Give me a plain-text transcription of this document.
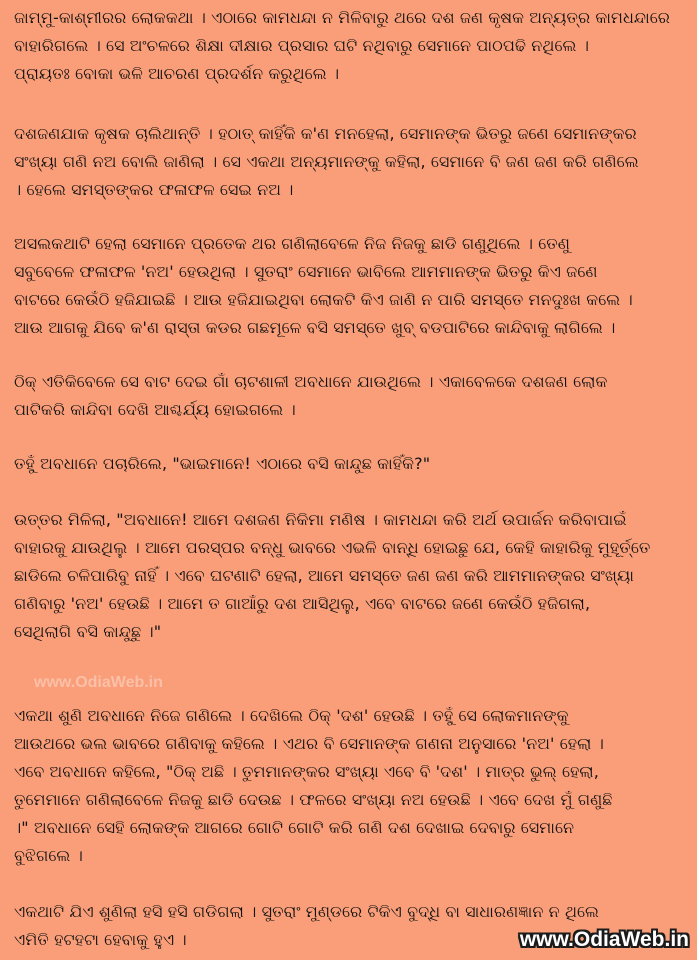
ଜାମ୍ମୁ-କାଶ୍ମୀରର ଲୋକକଥା । ଏଠାରେ କାମଧନ୍ଦା ନ ମିଳିବାରୁ ଥରେ ଦଶ ଜଣ କୃଷକ ଅନ୍ୟତ୍ର କାମଧନ୍ଦାରେ
ବାହାରିଗଲେ । ସେ ଅଂଚଳରେ ଶିକ୍ଷା ଦୀକ୍ଷାର ପ୍ରସାର ଘଟି ନଥିବାରୁ ସେମାନେ ପାଠପଢି ନଥିଲେ ।
ପ୍ରାୟତଃ ବୋକା ଭଳି ଆଚରଣ ପ୍ରଦର୍ଶନ କରୁଥିଲେ ।
ଦଶଜଣଯାକ କୃଷକ ଚାଲିଥାନ୍ତି । ହଠାତ୍ କାହିଁକି କ'ଣ ମନହେଲା, ସେମାନଙ୍କ ଭିତରୁ ଜଣେ ସେମାନଙ୍କର
ସଂଖ୍ୟା ଗଣି ନଅ ବୋଲି ଜାଣିଲା । ସେ ଏକଥା ଅନ୍ୟମାନଙ୍କୁ କହିଲା, ସେମାନେ ବି ଜଣ ଜଣ କରି ଗଣିଲେ
। ହେଲେ ସମସ୍ତଙ୍କର ଫଳାଫଳ ସେଇ ନଅ ।
ଅସଲକଥାଟି ହେଲା ସେମାନେ ପ୍ରତେକ ଥର ଗଣିଲାବେଳେ ନିଜ ନିଜକୁ ଛାଡି ଗଣୁଥିଲେ । ତେଣୁ
ସବୁବେଳେ ଫଳାଫଳ 'ନଅ' ହେଉଥିଲା । ସୁତରାଂ ସେମାନେ ଭାବିଲେ ଆମମାନଙ୍କ ଭିତରୁ କିଏ ଜଣେ
ବାଟରେ କେଉଁଠି ହଜିଯାଇଛି । ଆଉ ହଜିଯାଇଥିବା ଲୋକଟି କିଏ ଜାଣି ନ ପାରି ସମସ୍ତେ ମନଦୁଃଖ କଲେ ।
ଆଉ ଆଗକୁ ଯିବେ କ'ଣ ରାସ୍ତା କଡର ଗଛମୂଳେ ବସି ସମସ୍ତେ ଖୁବ୍ ବଡପାଟିରେ କାନ୍ଦିବାକୁ ଲାଗିଲେ ।
ଠିକ୍ ଏତିକିବେଳେ ସେ ବାଟ ଦେଇ ଗାଁ ଚାଟଶାଳୀ ଅବଧାନେ ଯାଉଥିଲେ । ଏକାବେଳକେ ଦଶଜଣ ଲୋକ
ପାଟିକରି କାନ୍ଦିବା ଦେଖି ଆଶ୍ଚର୍ଯ୍ୟ ହୋଇଗଲେ ।
ତହୁଁ ଅବଧାନେ ପଚାରିଲେ, "ଭାଇମାନେ! ଏଠାରେ ବସି କାନ୍ଦୁଛ କାହିଁକି?"
ଉତ୍ତର ମିଳିଲା, "ଅବଧାନେ! ଆମେ ଦଶଜଣ ନିକିମା ମଣିଷ । କାମଧନ୍ଦା କରି ଅର୍ଥ ଉପାର୍ଜନ କରିବାପାଇଁ
ବାହାରକୁ ଯାଉଥିଲୁ । ଆମେ ପରସ୍ପର ବନ୍ଧୁ ଭାବରେ ଏଭଳି ବାନ୍ଧି ହୋଇଛୁ ଯେ, କେହି କାହାରିକୁ ମୁହୂର୍ତ୍ତେ
ଛାଡିଲେ ଚଳିପାରିବୁ ନାହିଁ । ଏବେ ଘଟଣାଟି ହେଲା, ଆମେ ସମସ୍ତେ ଜଣ ଜଣ କରି ଆମମାନଙ୍କର ସଂଖ୍ୟା
ଗଣିବାରୁ 'ନଅ' ହେଉଛି । ଆମେ ତ ଗାଆଁରୁ ଦଶ ଆସିଥିଲୁ, ଏବେ ବାଟରେ ଜଣେ କେଉଁଠି ହଜିଗଲା,
ସେଥିଲାଗି ବସି କାନ୍ଦୁଛୁ ।"
ଏକଥା ଶୁଣି ଅବଧାନେ ନିଜେ ଗଣିଲେ । ଦେଖିଲେ ଠିକ୍ 'ଦଶ' ହେଉଛି । ତହୁଁ ସେ ଲୋକମାନଙ୍କୁ
ଆଉଥରେ ଭଲ ଭାବରେ ଗଣିବାକୁ କହିଲେ । ଏଥର ବି ସେମାନଙ୍କ ଗଣନା ଅନୁସାରେ 'ନଅ' ହେଲା ।
ଏବେ ଅବଧାନେ କହିଲେ, "ଠିକ୍ ଅଛି । ତୁମମାନଙ୍କର ସଂଖ୍ୟା ଏବେ ବି 'ଦଶ' । ମାତ୍ର ଭୁଲ୍ ହେଲା,
ତୁମେମାନେ ଗଣିଲାବେଳେ ନିଜକୁ ଛାଡି ଦେଉଛ । ଫଳରେ ସଂଖ୍ୟା ନଅ ହେଉଛି । ଏବେ ଦେଖ ମୁଁ ଗଣୁଛି
।" ଅବଧାନେ ସେହି ଲୋକଙ୍କ ଆଗରେ ଗୋଟି ଗୋଟି କରି ଗଣି ଦଶ ଦେଖାଇ ଦେବାରୁ ସେମାନେ
ବୁଝିଗଲେ ।
ଏକଥାଟି ଯିଏ ଶୁଣିଲା ହସି ହସି ଗଡିଗଲା । ସୁତରାଂ ମୁଣ୍ଡରେ ଟିକିଏ ବୁଦ୍ଧି ବା ସାଧାରଣଜ୍ଞାନ ନ ଥିଲେ
ଏମିତି ହଟହଟା ହେବାକୁ ହୁଏ ।
www.OdiaWeb.in
www.OdiaWeb.in
